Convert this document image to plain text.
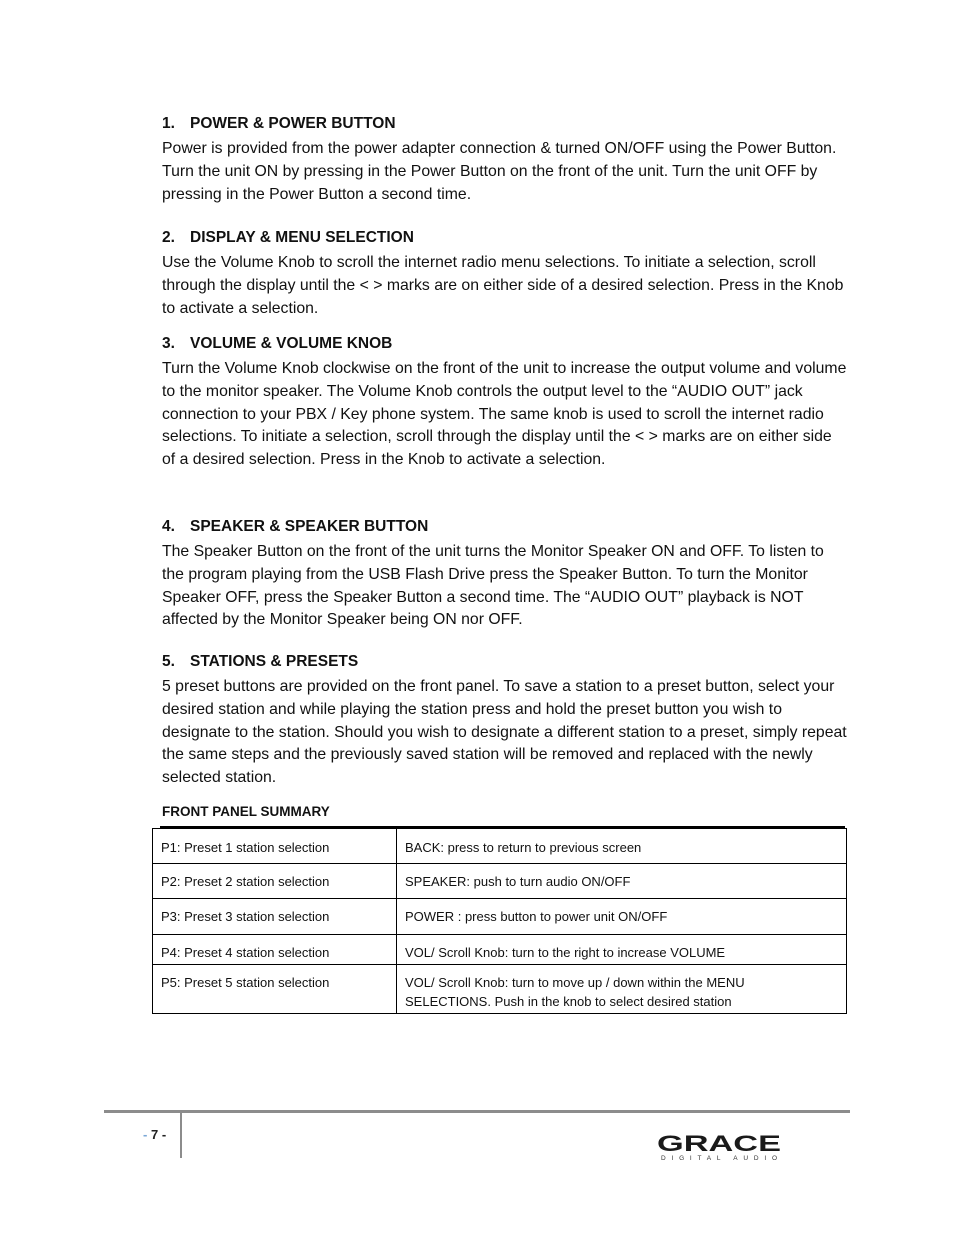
1. POWER & POWER BUTTON

Power is provided from the power adapter connection & turned ON/OFF using the Power Button. Turn the unit ON by pressing in the Power Button on the front of the unit. Turn the unit OFF by pressing in the Power Button a second time.

2. DISPLAY & MENU SELECTION

Use the Volume Knob to scroll the internet radio menu selections. To initiate a selection, scroll through the display until the < > marks are on either side of a desired selection. Press in the Knob to activate a selection.

3. VOLUME & VOLUME KNOB

Turn the Volume Knob clockwise on the front of the unit to increase the output volume and volume to the monitor speaker. The Volume Knob controls the output level to the “AUDIO OUT” jack connection to your PBX / Key phone system. The same knob is used to scroll the internet radio selections. To initiate a selection, scroll through the display until the < > marks are on either side of a desired selection. Press in the Knob to activate a selection.

4. SPEAKER & SPEAKER BUTTON

The Speaker Button on the front of the unit turns the Monitor Speaker ON and OFF. To listen to the program playing from the USB Flash Drive press the Speaker Button. To turn the Monitor Speaker OFF, press the Speaker Button a second time. The “AUDIO OUT” playback is NOT affected by the Monitor Speaker being ON nor OFF.

5. STATIONS & PRESETS

5 preset buttons are provided on the front panel. To save a station to a preset button, select your desired station and while playing the station press and hold the preset button you wish to designate to the station. Should you wish to designate a different station to a preset, simply repeat the same steps and the previously saved station will be removed and replaced with the newly selected station.

FRONT PANEL SUMMARY
P1: Preset 1 station selection	BACK: press to return to previous screen
P2: Preset 2 station selection	SPEAKER: push to turn audio ON/OFF
P3: Preset 3 station selection	POWER : press button to power unit ON/OFF
P4: Preset 4 station selection	VOL/ Scroll Knob: turn to the right to increase VOLUME
P5: Preset 5 station selection	VOL/ Scroll Knob: turn to move up / down within the MENU SELECTIONS. Push in the knob to select desired station
- 7 -	GRACE
DIGITAL AUDIO
